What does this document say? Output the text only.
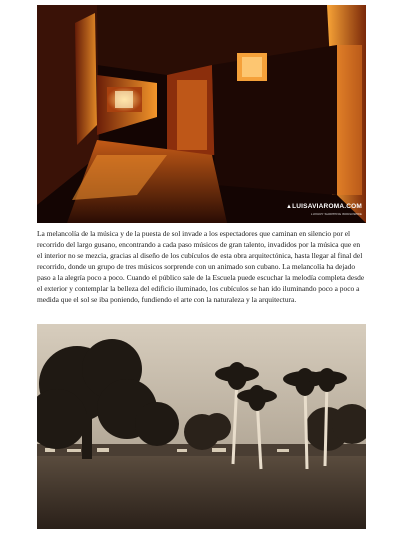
▲LUISAVIAROMA.COM
LUXURY SHOPPING WORLDWIDE

La melancolía de la música y de la puesta de sol invade a los espectadores que caminan en silencio por el recorrido del largo gusano, encontrando a cada paso músicos de gran talento, invadidos por la música que en el interior no se mezcia, gracias al diseño de los cubículos de esta obra arquitectónica, hasta llegar al final del recorrido, donde un grupo de tres músicos sorprende con un animado son cubano. La melancolía ha dejado paso a la alegría poco a poco. Cuando el público sale de la Escuela puede escuchar la melodía completa desde el exterior y contemplar la belleza del edificio iluminado, los cubículos se han ido iluminando poco a poco a medida que el sol se iba poniendo, fundiendo el arte con la naturaleza y la arquitectura.
